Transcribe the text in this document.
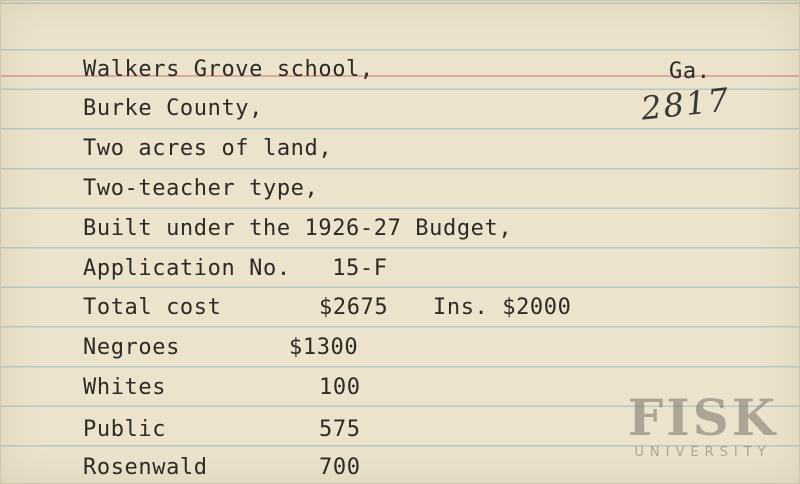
Walkers Grove school,	Ga.
2817
Burke County,
Two acres of land,
Two-teacher type,
Built under the 1926-27 Budget,
Application No.   15-F
Total cost	$2675 Ins. $2000
Negroes	$1300
Whites	100
Public	575
Rosenwald	700
FISK
UNIVERSITY
